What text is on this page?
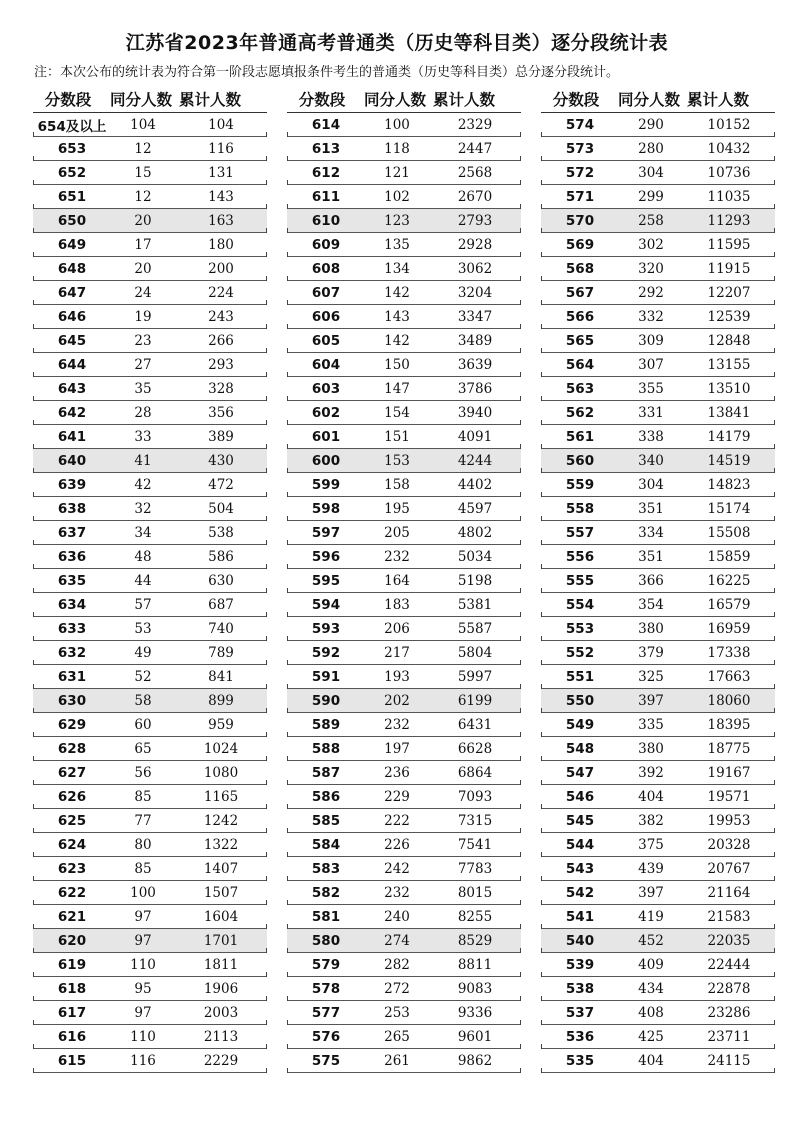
江苏省2023年普通高考普通类（历史等科目类）逐分段统计表
注：本次公布的统计表为符合第一阶段志愿填报条件考生的普通类（历史等科目类）总分逐分段统计。
分数段	同分人数 累计人数
654及以上	104	104
653	12	116
652	15	131
651	12	143
650	20	163
649	17	180
648	20	200
647	24	224
646	19	243
645	23	266
644	27	293
643	35	328
642	28	356
641	33	389
640	41	430
639	42	472
638	32	504
637	34	538
636	48	586
635	44	630
634	57	687
633	53	740
632	49	789
631	52	841
630	58	899
629	60	959
628	65	1024
627	56	1080
626	85	1165
625	77	1242
624	80	1322
623	85	1407
622	100	1507
621	97	1604
620	97	1701
619	110	1811
618	95	1906
617	97	2003
616	110	2113
615	116	2229
分数段	同分人数 累计人数
614	100	2329
613	118	2447
612	121	2568
611	102	2670
610	123	2793
609	135	2928
608	134	3062
607	142	3204
606	143	3347
605	142	3489
604	150	3639
603	147	3786
602	154	3940
601	151	4091
600	153	4244
599	158	4402
598	195	4597
597	205	4802
596	232	5034
595	164	5198
594	183	5381
593	206	5587
592	217	5804
591	193	5997
590	202	6199
589	232	6431
588	197	6628
587	236	6864
586	229	7093
585	222	7315
584	226	7541
583	242	7783
582	232	8015
581	240	8255
580	274	8529
579	282	8811
578	272	9083
577	253	9336
576	265	9601
575	261	9862
分数段	同分人数 累计人数
574	290	10152
573	280	10432
572	304	10736
571	299	11035
570	258	11293
569	302	11595
568	320	11915
567	292	12207
566	332	12539
565	309	12848
564	307	13155
563	355	13510
562	331	13841
561	338	14179
560	340	14519
559	304	14823
558	351	15174
557	334	15508
556	351	15859
555	366	16225
554	354	16579
553	380	16959
552	379	17338
551	325	17663
550	397	18060
549	335	18395
548	380	18775
547	392	19167
546	404	19571
545	382	19953
544	375	20328
543	439	20767
542	397	21164
541	419	21583
540	452	22035
539	409	22444
538	434	22878
537	408	23286
536	425	23711
535	404	24115
